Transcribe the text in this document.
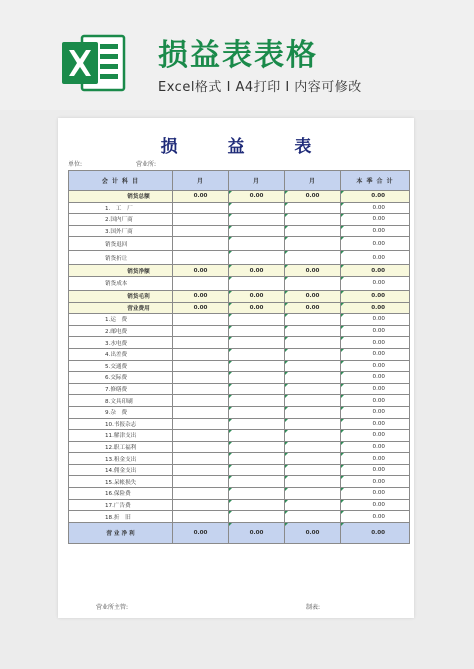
损益表表格
Excel格式 I A4打印 I 内容可修改
损 益 表
单位:	营业所:
会 计 科 目	月	月	月	本 季 合 计
销货总额	0.00	0.00	0.00	0.00
1.　工　厂				0.00
2.国内厂商				0.00
3.国外厂商				0.00
销货退回				0.00
销货折让				0.00
销货净额	0.00	0.00	0.00	0.00
销货成本				0.00
销货毛利	0.00	0.00	0.00	0.00
营业费用	0.00	0.00	0.00	0.00
1.运　费				0.00
2.邮电费				0.00
3.水电费				0.00
4.出差费				0.00
5.交通费				0.00
6.交际费				0.00
7.修缮费				0.00
8.文具印刷				0.00
9.杂　费				0.00
10.书报杂志				0.00
11.解津支出				0.00
12.职工福利				0.00
13.租金支出				0.00
14.佣金支出				0.00
15.呆帐损失				0.00
16.保险费				0.00
17.广告费				0.00
18.折　旧				0.00
营 业 净 利	0.00	0.00	0.00	0.00
营业所主管:	制表:
